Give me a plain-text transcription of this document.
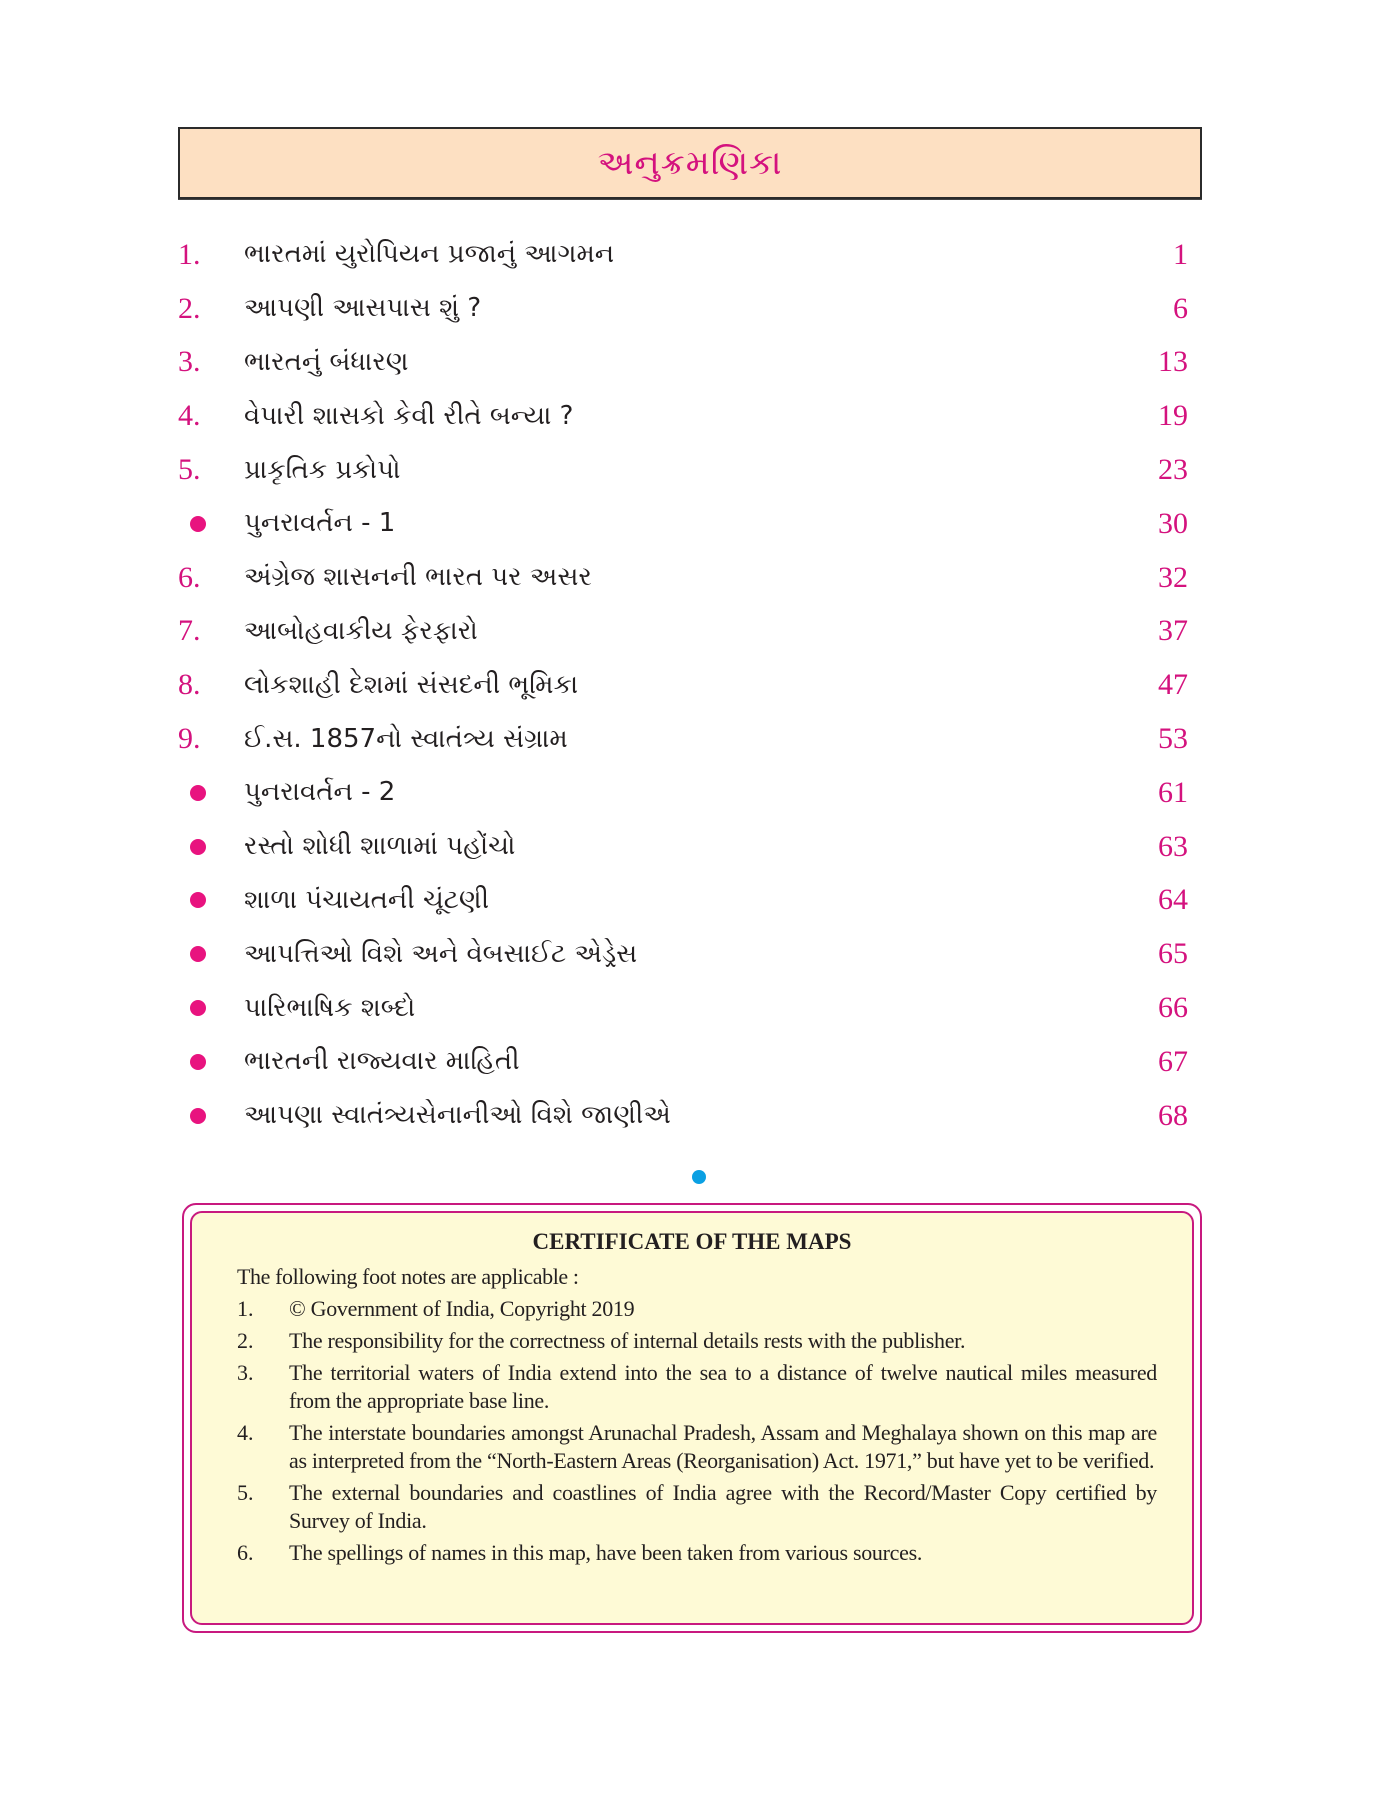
અનુક્રમણિકા
1.	ભારતમાં યુરોપિયન પ્રજાનું આગમન	1
2.	આપણી આસપાસ શું ?	6
3.	ભારતનું બંધારણ	13
4.	વેપારી શાસકો કેવી રીતે બન્યા ?	19
5.	પ્રાકૃતિક પ્રકોપો	23
પુનરાવર્તન - 1	30
6.	અંગ્રેજ શાસનની ભારત પર અસર	32
7.	આબોહવાકીય ફેરફારો	37
8.	લોકશાહી દેશમાં સંસદની ભૂમિકા	47
9.	ઈ.સ. 1857નો સ્વાતંત્ર્ય સંગ્રામ	53
પુનરાવર્તન - 2	61
રસ્તો શોધી શાળામાં પહોંચો	63
શાળા પંચાયતની ચૂંટણી	64
આપત્તિઓ વિશે અને વેબસાઈટ એડ્રેસ	65
પારિભાષિક શબ્દો	66
ભારતની રાજ્યવાર માહિતી	67
આપણા સ્વાતંત્ર્યસેનાનીઓ વિશે જાણીએ	68
CERTIFICATE OF THE MAPS
The following foot notes are applicable :
1.	© Government of India, Copyright 2019
2.	The responsibility for the correctness of internal details rests with the publisher.
3.	The territorial waters of India extend into the sea to a distance of twelve nautical miles measured from the appropriate base line.
4.	The interstate boundaries amongst Arunachal Pradesh, Assam and Meghalaya shown on this map are as interpreted from the “North-Eastern Areas (Reorganisation) Act. 1971,” but have yet to be verified.
5.	The external boundaries and coastlines of India agree with the Record/Master Copy certified by Survey of India.
6.	The spellings of names in this map, have been taken from various sources.
